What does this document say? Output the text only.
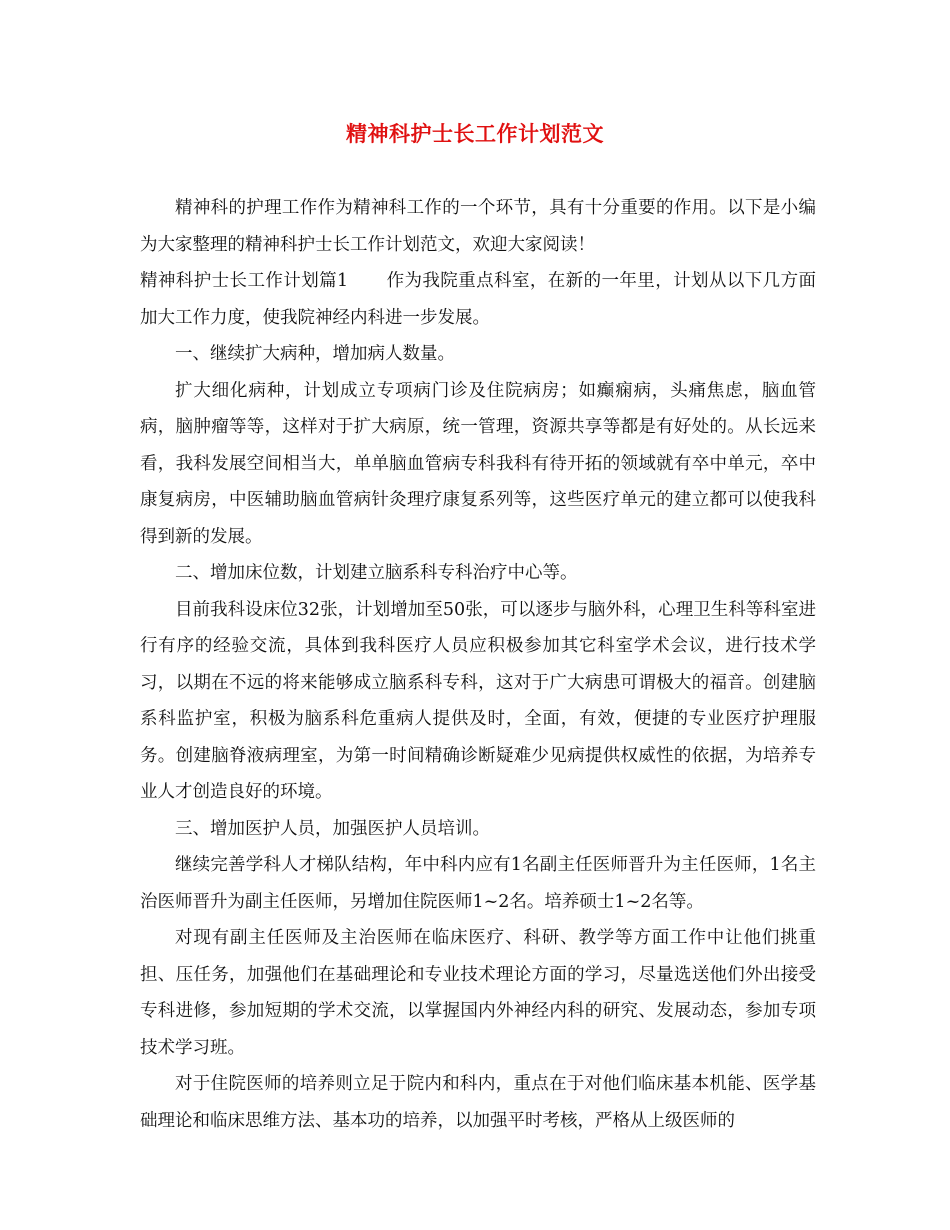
精神科护士长工作计划范文

精神科的护理工作作为精神科工作的一个环节，具有十分重要的作用。以下是小编为大家整理的精神科护士长工作计划范文，欢迎大家阅读！

精神科护士长工作计划篇1 作为我院重点科室，在新的一年里，计划从以下几方面加大工作力度，使我院神经内科进一步发展。

一、继续扩大病种，增加病人数量。

扩大细化病种，计划成立专项病门诊及住院病房；如癫痫病，头痛焦虑，脑血管病，脑肿瘤等等，这样对于扩大病原，统一管理，资源共享等都是有好处的。从长远来看，我科发展空间相当大，单单脑血管病专科我科有待开拓的领域就有卒中单元，卒中康复病房，中医辅助脑血管病针灸理疗康复系列等，这些医疗单元的建立都可以使我科得到新的发展。

二、增加床位数，计划建立脑系科专科治疗中心等。

目前我科设床位32张，计划增加至50张，可以逐步与脑外科，心理卫生科等科室进行有序的经验交流，具体到我科医疗人员应积极参加其它科室学术会议，进行技术学习，以期在不远的将来能够成立脑系科专科，这对于广大病患可谓极大的福音。创建脑系科监护室，积极为脑系科危重病人提供及时，全面，有效，便捷的专业医疗护理服务。创建脑脊液病理室，为第一时间精确诊断疑难少见病提供权威性的依据，为培养专业人才创造良好的环境。

三、增加医护人员，加强医护人员培训。

继续完善学科人才梯队结构，年中科内应有1名副主任医师晋升为主任医师，1名主治医师晋升为副主任医师，另增加住院医师1~2名。培养硕士1~2名等。

对现有副主任医师及主治医师在临床医疗、科研、教学等方面工作中让他们挑重担、压任务，加强他们在基础理论和专业技术理论方面的学习，尽量选送他们外出接受专科进修，参加短期的学术交流，以掌握国内外神经内科的研究、发展动态，参加专项技术学习班。

对于住院医师的培养则立足于院内和科内，重点在于对他们临床基本机能、医学基础理论和临床思维方法、基本功的培养，以加强平时考核，严格从上级医师的
